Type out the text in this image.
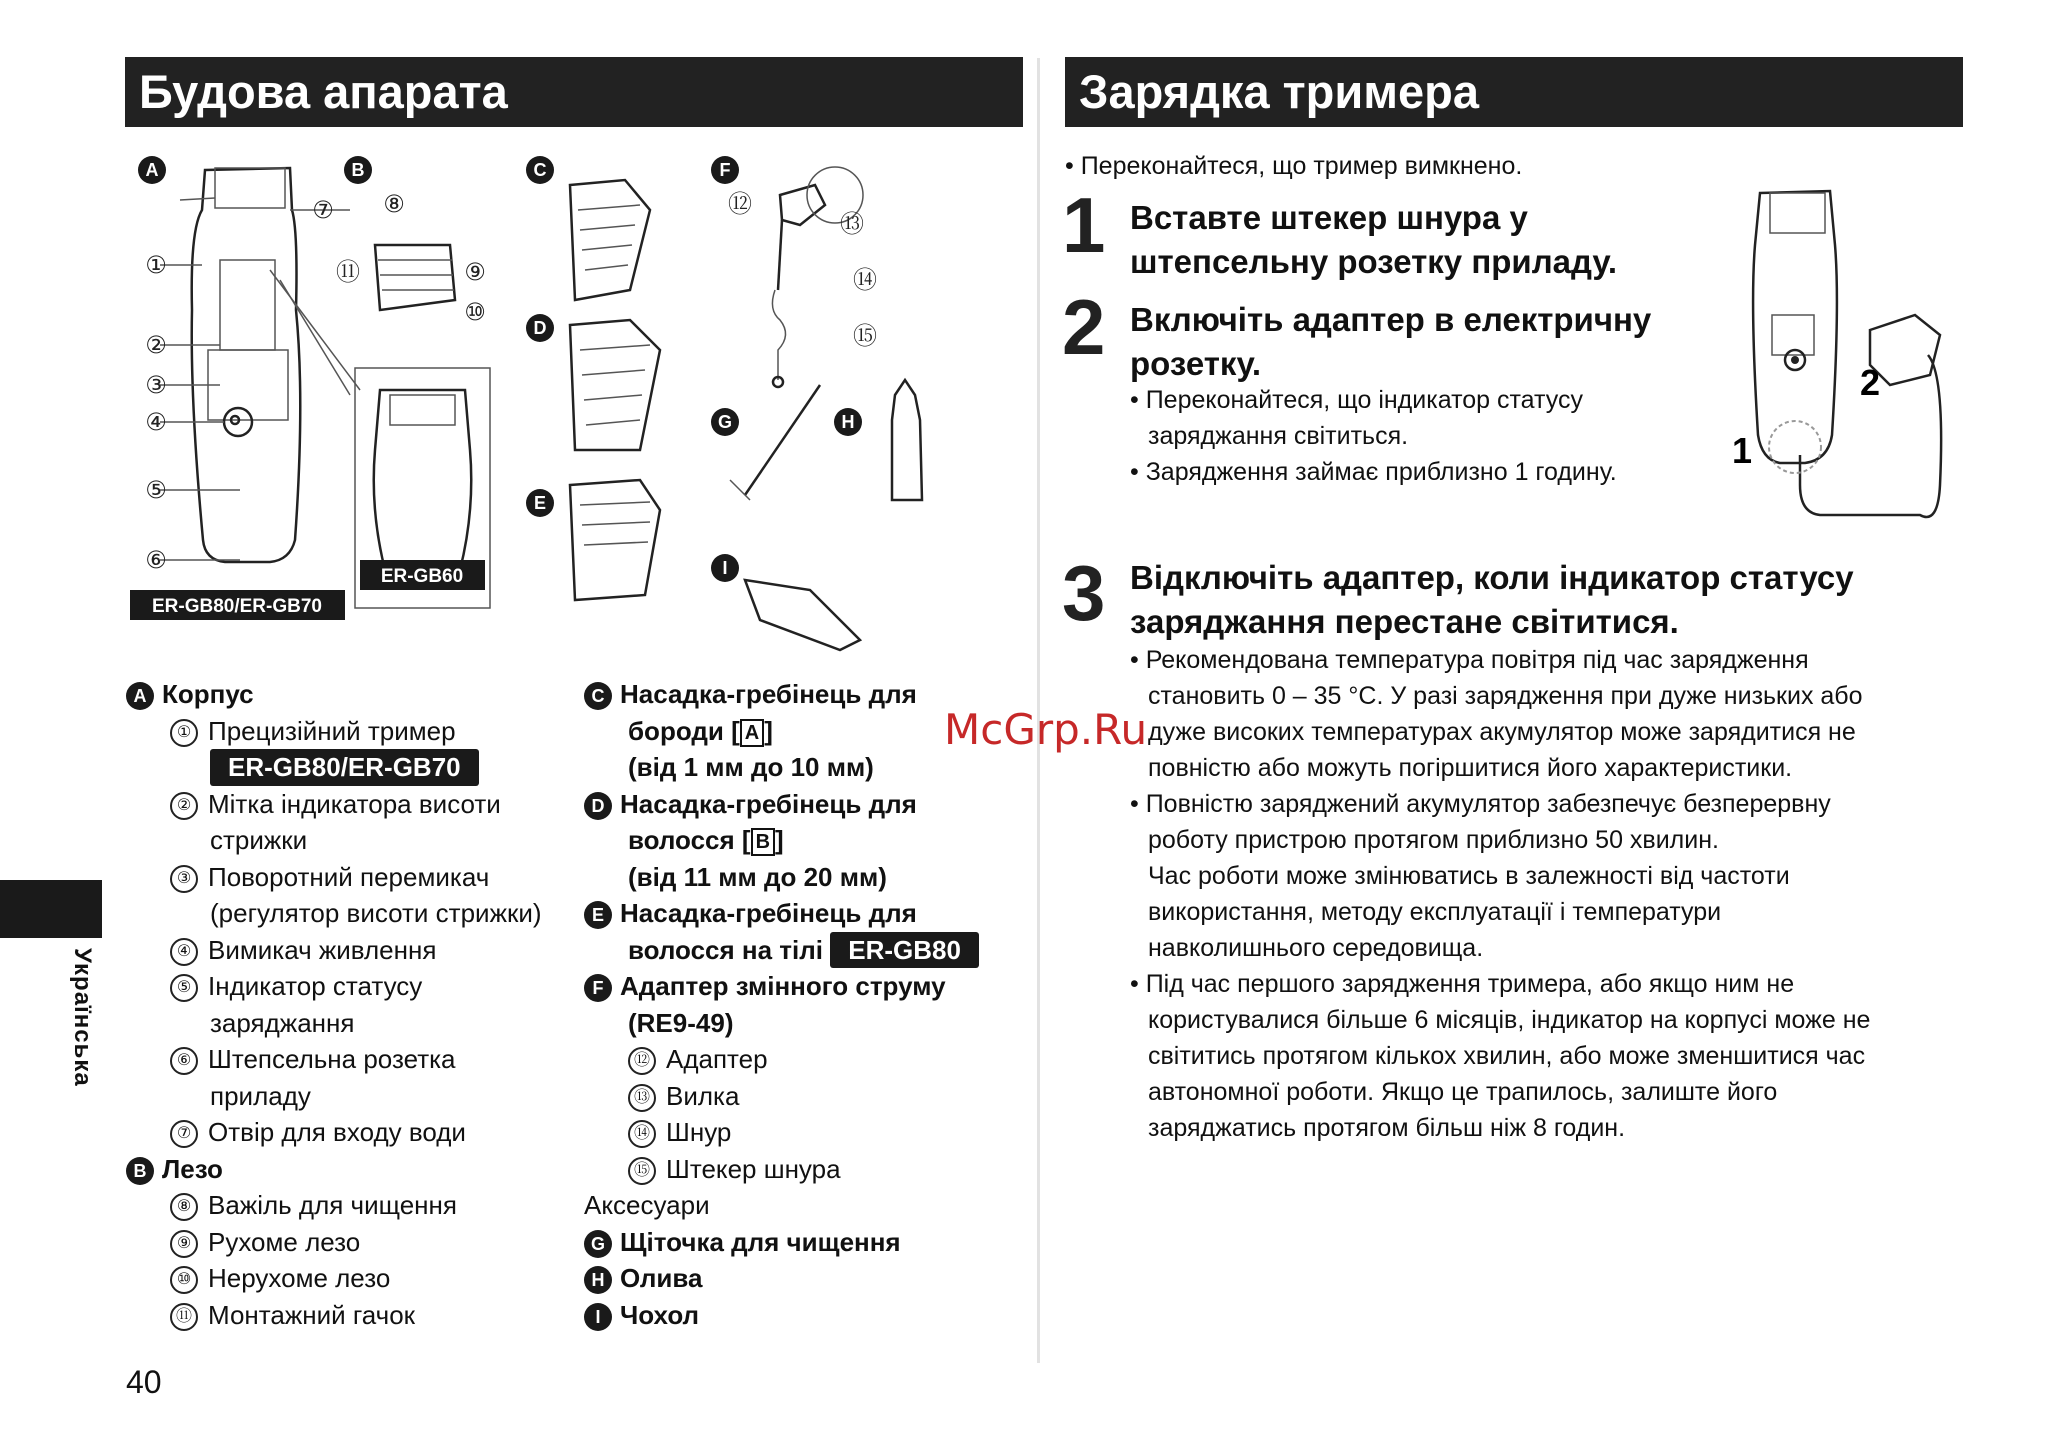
Будова апарата	Зарядка тримера
Українська
ER-GB80/ER-GB70
ER-GB60
A	B	C	F
D
E
G	H
I
①
②
③
④
⑤
⑥
⑦ ⑧
⑨
⑩
⑪
⑫
⑬
⑭
⑮
A Корпус
① Прецизійний тример
ER-GB80/ER-GB70
② Мітка індикатора висоти
стрижки
③ Поворотний перемикач
(регулятор висоти стрижки)
④ Вимикач живлення
⑤ Індикатор статусу
заряджання
⑥ Штепсельна розетка
приладу
⑦ Отвір для входу води
B Лезо
⑧ Важіль для чищення
⑨ Рухоме лезо
⑩ Нерухоме лезо
⑪ Монтажний гачок
C Насадка-гребінець для
бороди [ A ]
(від 1 мм до 10 мм)
D Насадка-гребінець для
волосся [ B ]
(від 11 мм до 20 мм)
E Насадка-гребінець для
волосся на тілі ER-GB80
F Адаптер змінного струму
(RE9-49)
⑫ Адаптер
⑬ Вилка
⑭ Шнур
⑮ Штекер шнура
Аксесуари
G Щіточка для чищення
H Олива
I Чохол
McGrp.Ru
• Переконайтеся, що тример вимкнено.
1 Вставте штекер шнура у
штепсельну розетку приладу.
2 Включіть адаптер в електричну
розетку.
• Переконайтеся, що індикатор статусу
заряджання світиться.
• Зарядження займає приблизно 1 годину.
2
1
3 Відключіть адаптер, коли індикатор статусу
заряджання перестане світитися.
• Рекомендована температура повітря під час зарядження
становить 0 – 35 °C. У разі зарядження при дуже низьких або
дуже високих температурах акумулятор може зарядитися не
повністю або можуть погіршитися його характеристики.
• Повністю заряджений акумулятор забезпечує безперервну
роботу пристрою протягом приблизно 50 хвилин.
Час роботи може змінюватись в залежності від частоти
використання, методу експлуатації і температури
навколишнього середовища.
• Під час першого зарядження тримера, або якщо ним не
користувалися більше 6 місяців, індикатор на корпусі може не
світитись протягом кількох хвилин, або може зменшитися час
автономної роботи. Якщо це трапилось, залиште його
заряджатись протягом більш ніж 8 годин.
40
